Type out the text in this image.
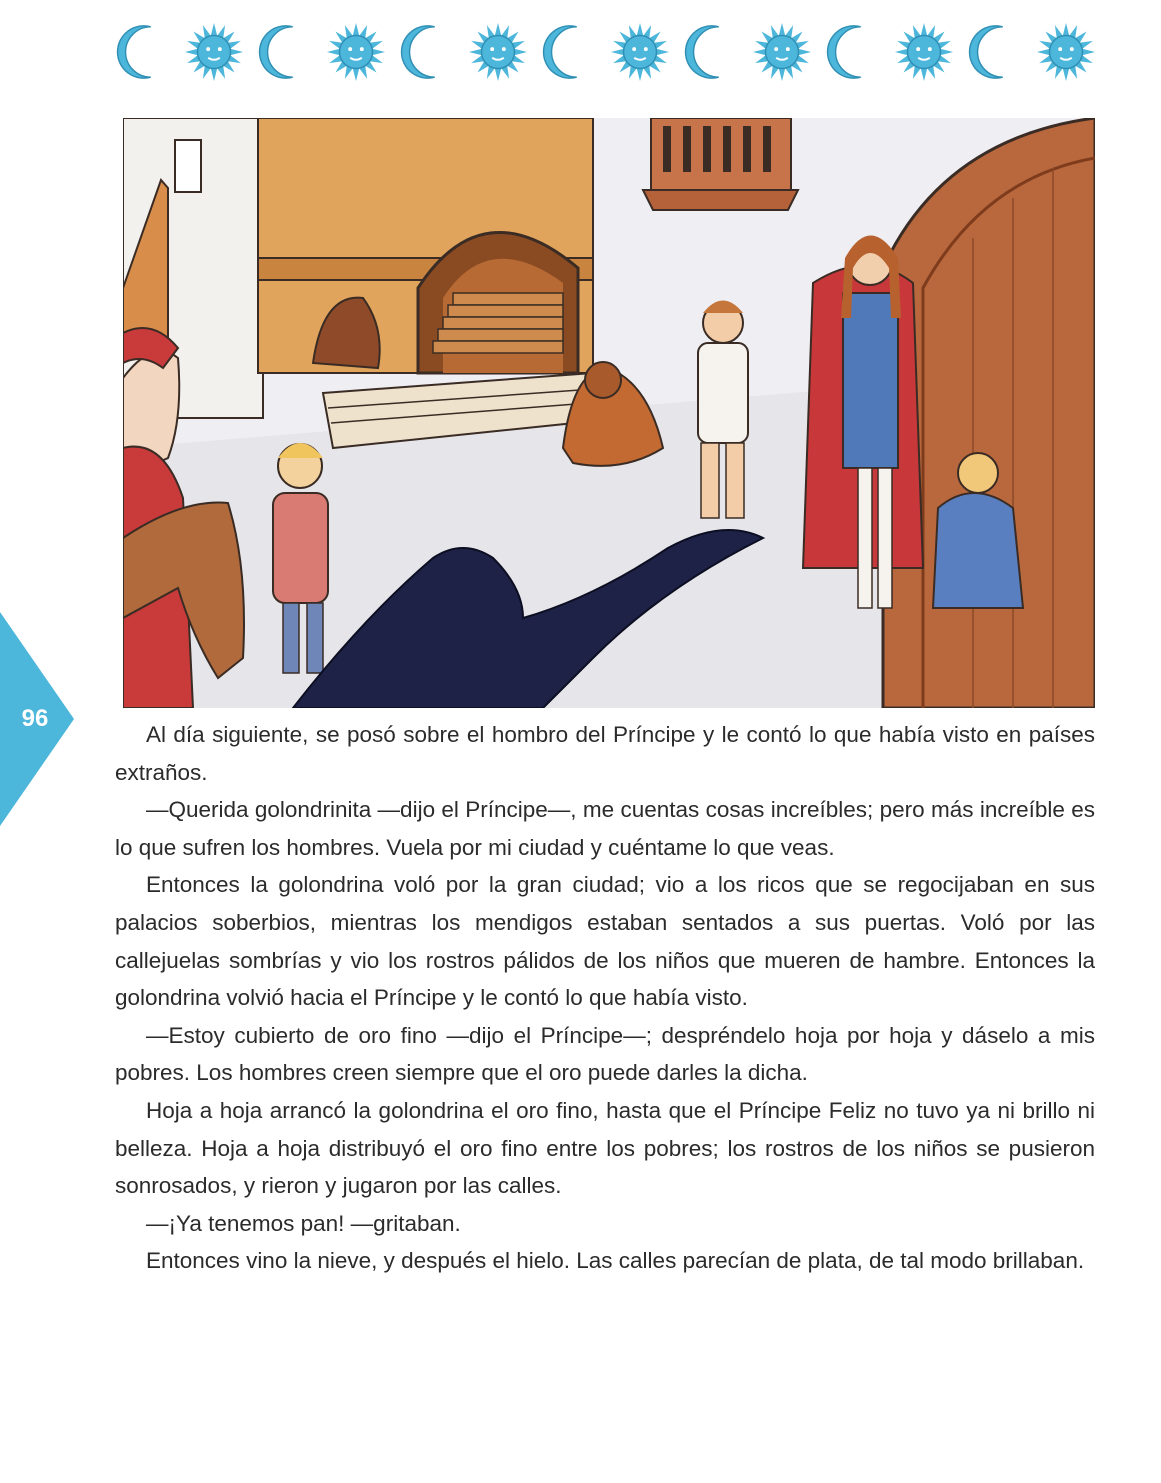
96

Al día siguiente, se posó sobre el hombro del Príncipe y le contó lo que había visto en países extraños.

—Querida golondrinita —dijo el Príncipe—, me cuentas cosas increíbles; pero más increíble es lo que sufren los hombres. Vuela por mi ciudad y cuéntame lo que veas.

Entonces la golondrina voló por la gran ciudad; vio a los ricos que se regocijaban en sus palacios soberbios, mientras los mendigos estaban sentados a sus puertas. Voló por las callejuelas sombrías y vio los rostros pálidos de los niños que mueren de hambre. Entonces la golondrina volvió hacia el Príncipe y le contó lo que había visto.

—Estoy cubierto de oro fino —dijo el Príncipe—; despréndelo hoja por hoja y dáselo a mis pobres. Los hombres creen siempre que el oro puede darles la dicha.

Hoja a hoja arrancó la golondrina el oro fino, hasta que el Príncipe Feliz no tuvo ya ni brillo ni belleza. Hoja a hoja distribuyó el oro fino entre los pobres; los rostros de los niños se pusieron sonrosados, y rieron y jugaron por las calles.

—¡Ya tenemos pan! —gritaban.

Entonces vino la nieve, y después el hielo. Las calles parecían de plata, de tal modo brillaban.
